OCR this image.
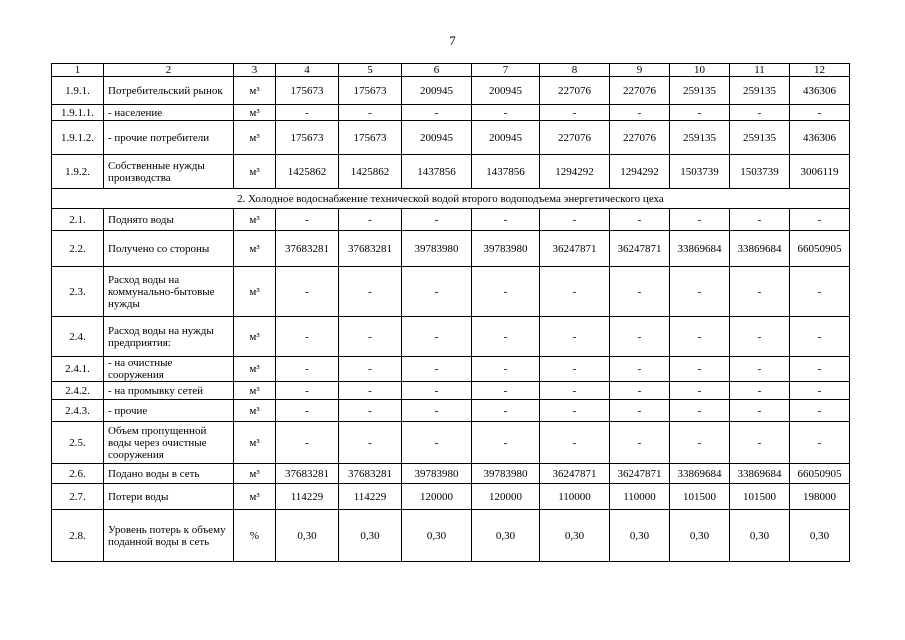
7
1	2	3	4	5	6	7	8	9	10	11	12
1.9.1.	Потребительский рынок	м³	175673	175673	200945	200945	227076	227076	259135	259135	436306
1.9.1.1.	- население	м³	-	-	-	-	-	-	-	-	-
1.9.1.2.	- прочие потребители	м³	175673	175673	200945	200945	227076	227076	259135	259135	436306
1.9.2.	Собственные нужды производства	м³	1425862	1425862	1437856	1437856	1294292	1294292	1503739	1503739	3006119
2. Холодное водоснабжение технической водой второго водоподъема энергетического цеха											
2.1.	Поднято воды	м³	-	-	-	-	-	-	-	-	-
2.2.	Получено со стороны	м³	37683281	37683281	39783980	39783980	36247871	36247871	33869684	33869684	66050905
2.3.	Расход воды на коммунально-бытовые нужды	м³	-	-	-	-	-	-	-	-	-
2.4.	Расход воды на нужды предприятия:	м³	-	-	-	-	-	-	-	-	-
2.4.1.	- на очистные сооружения	м³	-	-	-	-	-	-	-	-	-
2.4.2.	- на промывку сетей	м³	-	-	-	-	-	-	-	-	-
2.4.3.	- прочие	м³	-	-	-	-	-	-	-	-	-
2.5.	Объем пропущенной воды через очистные сооружения	м³	-	-	-	-	-	-	-	-	-
2.6.	Подано воды в сеть	м³	37683281	37683281	39783980	39783980	36247871	36247871	33869684	33869684	66050905
2.7.	Потери воды	м³	114229	114229	120000	120000	110000	110000	101500	101500	198000
2.8.	Уровень потерь к объему поданной воды в сеть	%	0,30	0,30	0,30	0,30	0,30	0,30	0,30	0,30	0,30
